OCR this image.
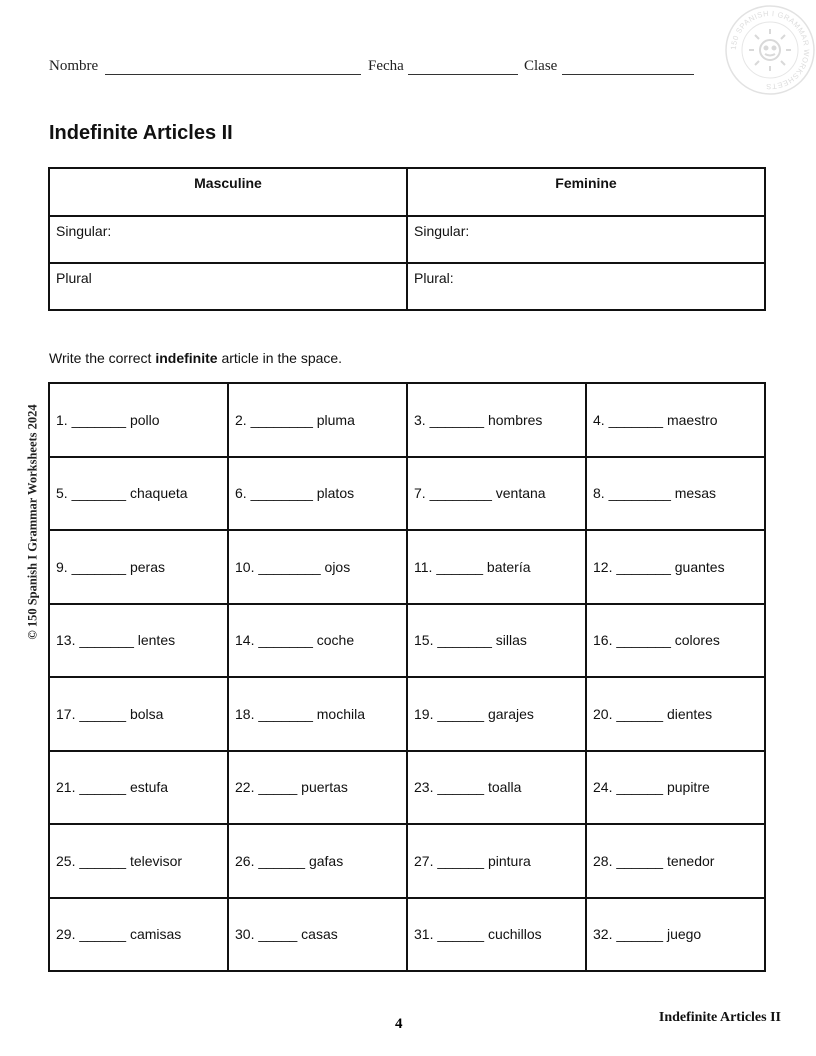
Nombre	Fecha	Clase
150 SPANISH I GRAMMAR WORKSHEETS
Indefinite Articles II
Masculine	Feminine
Singular:	Singular:
Plural	Plural:
Write the correct indefinite article in the space.
1. _______ pollo	2. ________ pluma	3. _______ hombres	4. _______ maestro
5. _______ chaqueta	6. ________ platos	7. ________ ventana	8. ________ mesas
9. _______ peras	10. ________ ojos	11. ______ batería	12. _______ guantes
13. _______ lentes	14. _______ coche	15. _______ sillas	16. _______ colores
17. ______ bolsa	18. _______ mochila	19. ______ garajes	20. ______ dientes
21. ______ estufa	22. _____ puertas	23. ______ toalla	24. ______ pupitre
25. ______ televisor	26. ______ gafas	27. ______ pintura	28. ______ tenedor
29. ______ camisas	30. _____ casas	31. ______ cuchillos	32. ______ juego
© 150 Spanish I Grammar Worksheets 2024
4	Indefinite Articles II
